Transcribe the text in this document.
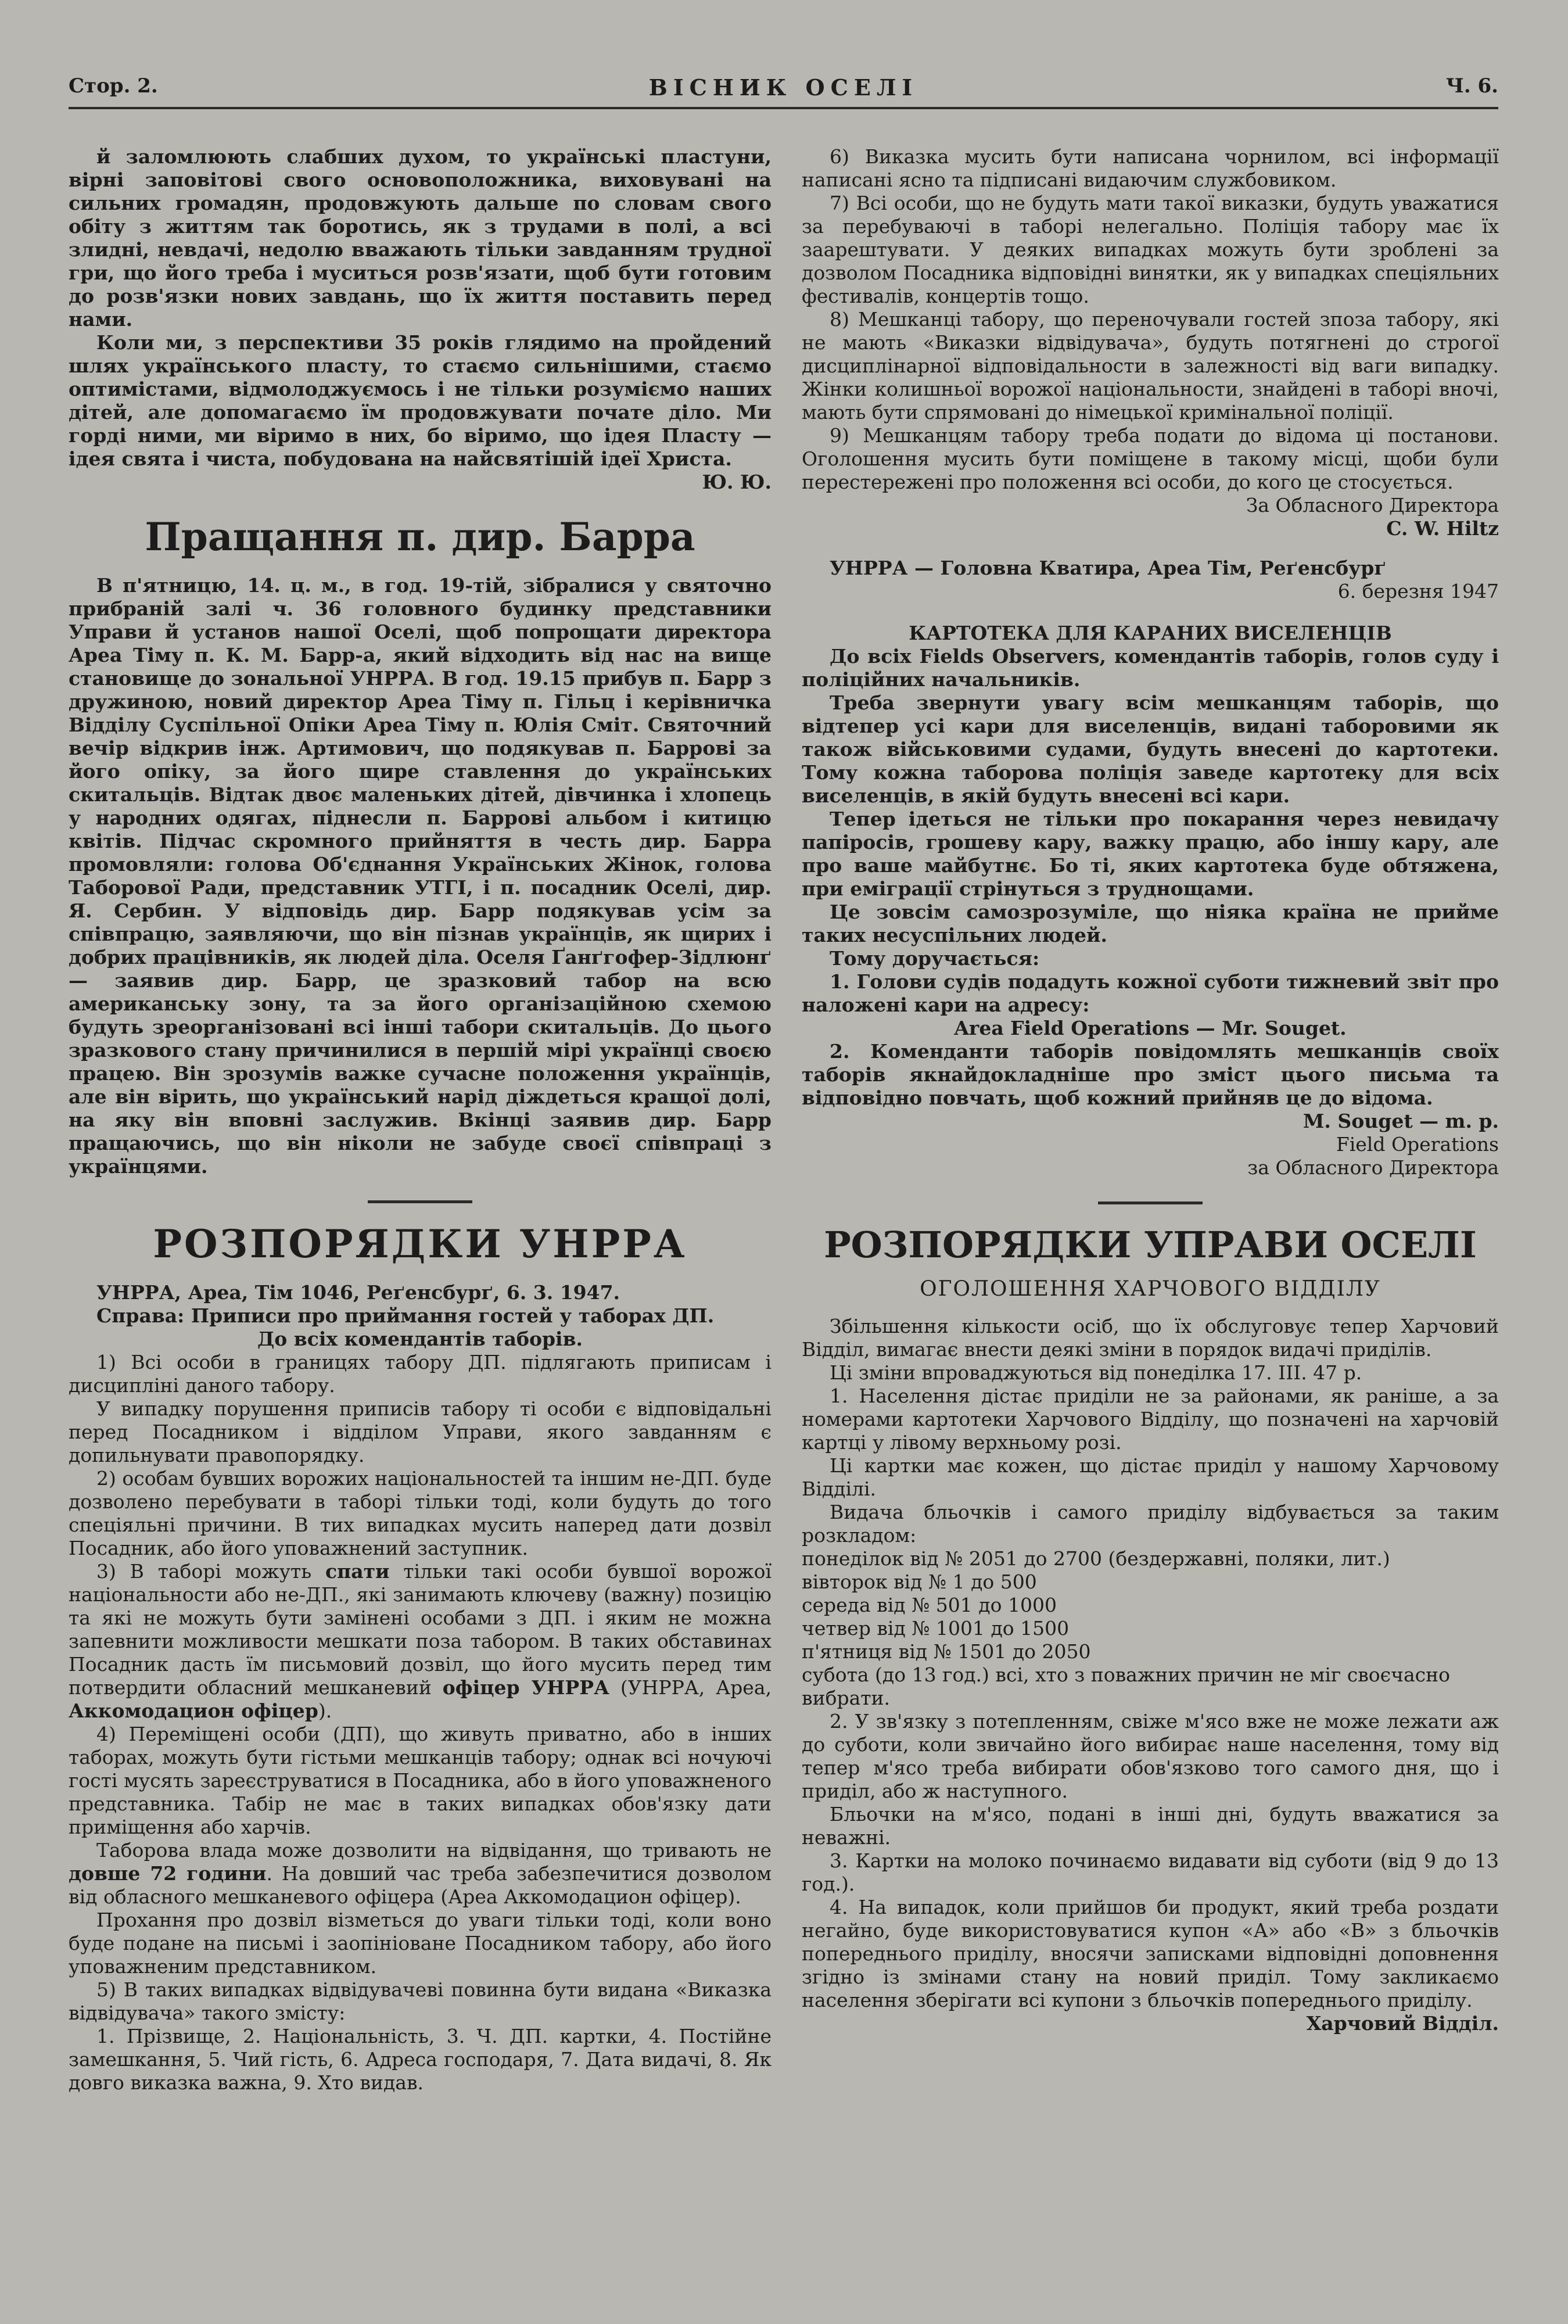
Стор. 2.	ВІСНИК ОСЕЛІ	Ч. 6.

й заломлюють слабших духом, то українські пластуни, вірні заповітові свого основоположника, виховувані на сильних громадян, продовжують дальше по словам свого обіту з життям так боротись, як з трудами в полі, а всі злидні, невдачі, недолю вважають тільки завданням трудної гри, що його треба і муситься розв'язати, щоб бути готовим до розв'язки нових завдань, що їх життя поставить перед нами.

Коли ми, з перспективи 35 років глядимо на пройдений шлях українського пласту, то стаємо сильнішими, стаємо оптимістами, відмолоджуємось і не тільки розуміємо наших дітей, але допомагаємо їм продовжувати почате діло. Ми горді ними, ми віримо в них, бо віримо, що ідея Пласту — ідея свята і чиста, побудована на найсвятішій ідеї Христа.

Ю. Ю.

Пращання п. дир. Барра

В п'ятницю, 14. ц. м., в год. 19-тій, зібралися у святочно прибраній залі ч. 36 головного будинку представники Управи й установ нашої Оселі, щоб попрощати директора Ареа Тіму п. К. М. Барр-а, який відходить від нас на вище становище до зональної УНРРА. В год. 19.15 прибув п. Барр з дружиною, новий директор Ареа Тіму п. Гільц і керівничка Відділу Суспільної Опіки Ареа Тіму п. Юлія Сміт. Святочний вечір відкрив інж. Артимович, що подякував п. Баррові за його опіку, за його щире ставлення до українських скитальців. Відтак двоє маленьких дітей, дівчинка і хлопець у народних одягах, піднесли п. Баррові альбом і китицю квітів. Підчас скромного прийняття в честь дир. Барра промовляли: голова Об'єднання Українських Жінок, голова Таборової Ради, представник УТГІ, і п. посадник Оселі, дир. Я. Сербин. У відповідь дир. Барр подякував усім за співпрацю, заявляючи, що він пізнав українців, як щирих і добрих працівників, як людей діла. Оселя Ґанґгофер-Зідлюнґ — заявив дир. Барр, це зразковий табор на всю американську зону, та за його організаційною схемою будуть зреорганізовані всі інші табори скитальців. До цього зразкового стану причинилися в першій мірі українці своєю працею. Він зрозумів важке сучасне положення українців, але він вірить, що український нарід діждеться кращої долі, на яку він вповні заслужив. Вкінці заявив дир. Барр пращаючись, що він ніколи не забуде своєї співпраці з українцями.

РОЗПОРЯДКИ УНРРА

УНРРА, Ареа, Тім 1046, Реґенсбурґ, 6. 3. 1947.

Справа: Приписи про приймання гостей у таборах ДП.

До всіх комендантів таборів.

1) Всі особи в границях табору ДП. підлягають приписам і дисципліні даного табору.

У випадку порушення приписів табору ті особи є відповідальні перед Посадником і відділом Управи, якого завданням є допильнувати правопорядку.

2) особам бувших ворожих національностей та іншим не-ДП. буде дозволено перебувати в таборі тільки тоді, коли будуть до того спеціяльні причини. В тих випадках мусить наперед дати дозвіл Посадник, або його уповажнений заступник.

3) В таборі можуть спати тільки такі особи бувшої ворожої національности або не-ДП., які занимають ключеву (важну) позицію та які не можуть бути замінені особами з ДП. і яким не можна запевнити можливости мешкати поза табором. В таких обставинах Посадник дасть їм письмовий дозвіл, що його мусить перед тим потвердити обласний мешканевий офіцер УНРРА (УНРРА, Ареа, Аккомодацион офіцер).

4) Переміщені особи (ДП), що живуть приватно, або в інших таборах, можуть бути гістьми мешканців табору; однак всі ночуючі гості мусять зареєструватися в Посадника, або в його уповажненого представника. Табір не має в таких випадках обов'язку дати приміщення або харчів.

Таборова влада може дозволити на відвідання, що тривають не довше 72 години. На довший час треба забезпечитися дозволом від обласного мешканевого офіцера (Ареа Аккомодацион офіцер).

Прохання про дозвіл візметься до уваги тільки тоді, коли воно буде подане на письмі і заопініоване Посадником табору, або його уповажненим представником.

5) В таких випадках відвідувачеві повинна бути видана «Виказка відвідувача» такого змісту:

1. Прізвище, 2. Національність, 3. Ч. ДП. картки, 4. Постійне замешкання, 5. Чий гість, 6. Адреса господаря, 7. Дата видачі, 8. Як довго виказка важна, 9. Хто видав.

6) Виказка мусить бути написана чорнилом, всі інформації написані ясно та підписані видаючим службовиком.

7) Всі особи, що не будуть мати такої виказки, будуть уважатися за перебуваючі в таборі нелегально. Поліція табору має їх заарештувати. У деяких випадках можуть бути зроблені за дозволом Посадника відповідні винятки, як у випадках спеціяльних фестивалів, концертів тощо.

8) Мешканці табору, що переночували гостей зпоза табору, які не мають «Виказки відвідувача», будуть потягнені до строгої дисциплінарної відповідальности в залежності від ваги випадку. Жінки колишньої ворожої національности, знайдені в таборі вночі, мають бути спрямовані до німецької кримінальної поліції.

9) Мешканцям табору треба подати до відома ці постанови. Оголошення мусить бути поміщене в такому місці, щоби були перестережені про положення всі особи, до кого це стосується.

За Обласного Директора

C. W. Hiltz

УНРРА — Головна Кватира, Ареа Тім, Реґенсбурґ

6. березня 1947

КАРТОТЕКА ДЛЯ КАРАНИХ ВИСЕЛЕНЦІВ

До всіх Fields Observers, комендантів таборів, голов суду і поліційних начальників.

Треба звернути увагу всім мешканцям таборів, що відтепер усі кари для виселенців, видані таборовими як також військовими судами, будуть внесені до картотеки. Тому кожна таборова поліція заведе картотеку для всіх виселенців, в якій будуть внесені всі кари.

Тепер ідеться не тільки про покарання через невидачу папіросів, грошеву кару, важку працю, або іншу кару, але про ваше майбутнє. Бо ті, яких картотека буде обтяжена, при еміграції стрінуться з труднощами.

Це зовсім самозрозуміле, що ніяка країна не прийме таких несуспільних людей.

Тому доручається:

1. Голови судів подадуть кожної суботи тижневий звіт про наложені кари на адресу:

Area Field Operations — Mr. Souget.

2. Коменданти таборів повідомлять мешканців своїх таборів якнайдокладніше про зміст цього письма та відповідно повчать, щоб кожний прийняв це до відома.

M. Souget — m. p.

Field Operations

за Обласного Директора

РОЗПОРЯДКИ УПРАВИ ОСЕЛІ

ОГОЛОШЕННЯ ХАРЧОВОГО ВІДДІЛУ

Збільшення кількости осіб, що їх обслуговує тепер Харчовий Відділ, вимагає внести деякі зміни в порядок видачі приділів.

Ці зміни впроваджуються від понеділка 17. III. 47 р.

1. Населення дістає приділи не за районами, як раніше, а за номерами картотеки Харчового Відділу, що позначені на харчовій картці у лівому верхньому розі.

Ці картки має кожен, що дістає приділ у нашому Харчовому Відділі.

Видача бльочків і самого приділу відбувається за таким розкладом:

понеділок від № 2051 до 2700 (бездержавні, поляки, лит.)
вівторок від № 1 до 500
середа від № 501 до 1000
четвер від № 1001 до 1500
п'ятниця від № 1501 до 2050
субота (до 13 год.) всі, хто з поважних причин не міг своєчасно вибрати.

2. У зв'язку з потепленням, свіже м'ясо вже не може лежати аж до суботи, коли звичайно його вибирає наше населення, тому від тепер м'ясо треба вибирати обов'язково того самого дня, що і приділ, або ж наступного.

Бльочки на м'ясо, подані в інші дні, будуть вважатися за неважні.

3. Картки на молоко починаємо видавати від суботи (від 9 до 13 год.).

4. На випадок, коли прийшов би продукт, який треба роздати негайно, буде використовуватися купон «А» або «В» з бльочків попереднього приділу, вносячи записками відповідні доповнення згідно із змінами стану на новий приділ. Тому закликаємо населення зберігати всі купони з бльочків попереднього приділу.

Харчовий Відділ.
